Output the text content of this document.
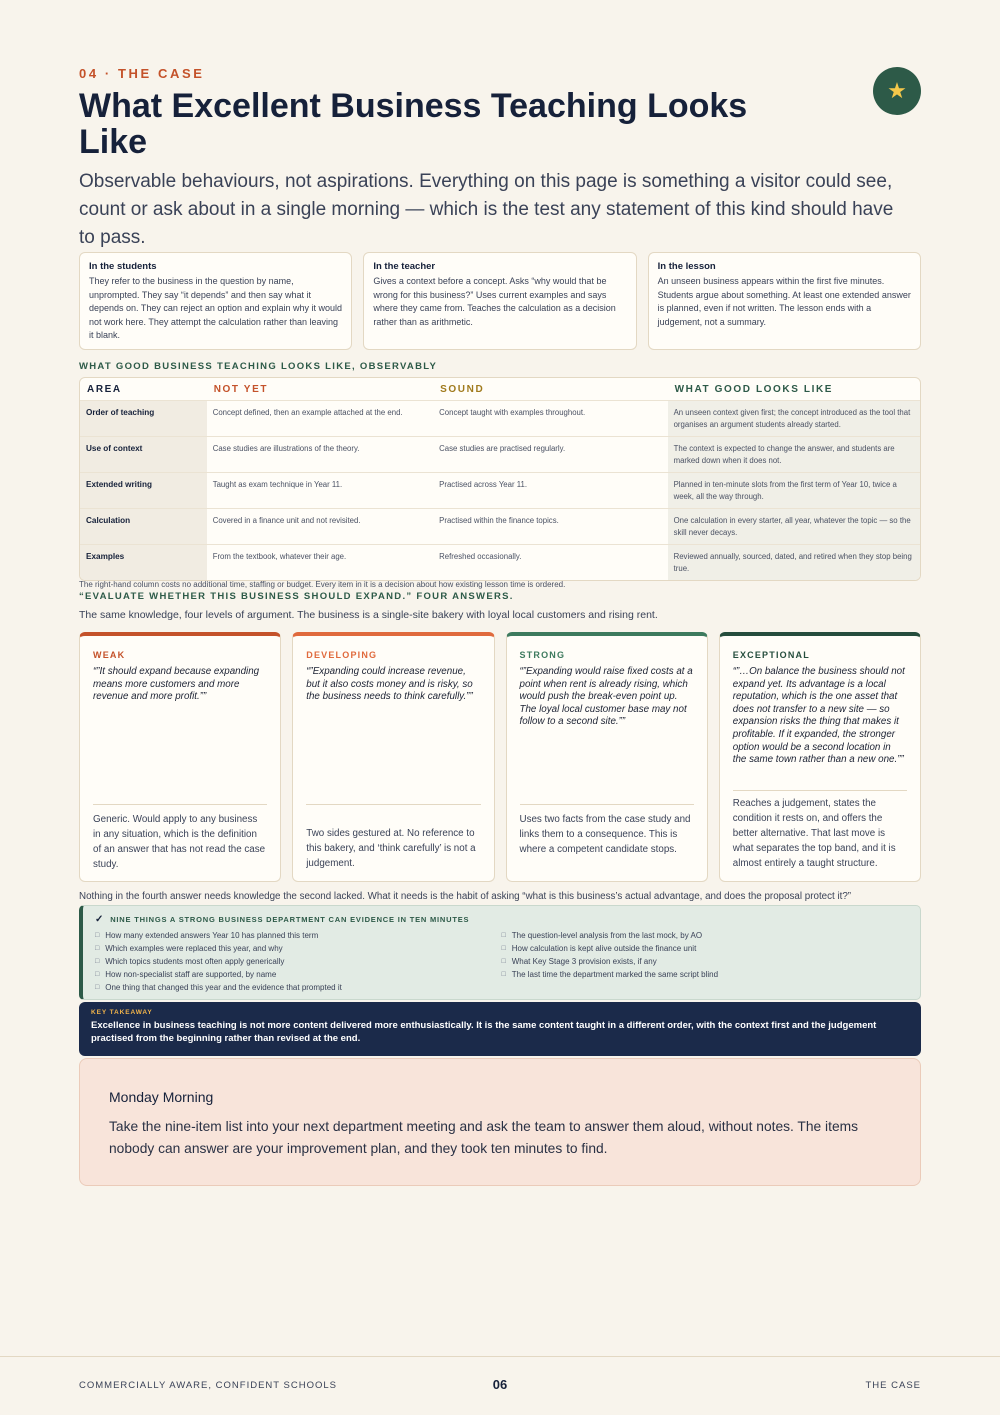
04 · THE CASE
What Excellent Business Teaching Looks Like
★
Observable behaviours, not aspirations. Everything on this page is something a visitor could see, count or ask about in a single morning — which is the test any statement of this kind should have to pass.
In the students

They refer to the business in the question by name, unprompted. They say “it depends” and then say what it depends on. They can reject an option and explain why it would not work here. They attempt the calculation rather than leaving it blank.

In the teacher

Gives a context before a concept. Asks “why would that be wrong for this business?” Uses current examples and says where they came from. Teaches the calculation as a decision rather than as arithmetic.

In the lesson

An unseen business appears within the first five minutes. Students argue about something. At least one extended answer is planned, even if not written. The lesson ends with a judgement, not a summary.

WHAT GOOD BUSINESS TEACHING LOOKS LIKE, OBSERVABLY
AREA	NOT YET	SOUND	WHAT GOOD LOOKS LIKE
Order of teaching	Concept defined, then an example attached at the end.	Concept taught with examples throughout.	An unseen context given first; the concept introduced as the tool that organises an argument students already started.
Use of context	Case studies are illustrations of the theory.	Case studies are practised regularly.	The context is expected to change the answer, and students are marked down when it does not.
Extended writing	Taught as exam technique in Year 11.	Practised across Year 11.	Planned in ten-minute slots from the first term of Year 10, twice a week, all the way through.
Calculation	Covered in a finance unit and not revisited.	Practised within the finance topics.	One calculation in every starter, all year, whatever the topic — so the skill never decays.
Examples	From the textbook, whatever their age.	Refreshed occasionally.	Reviewed annually, sourced, dated, and retired when they stop being true.
The right-hand column costs no additional time, staffing or budget. Every item in it is a decision about how existing lesson time is ordered.
“EVALUATE WHETHER THIS BUSINESS SHOULD EXPAND.” FOUR ANSWERS.
The same knowledge, four levels of argument. The business is a single-site bakery with loyal local customers and rising rent.
WEAK
“”It should expand because expanding means more customers and more revenue and more profit.””
Generic. Would apply to any business in any situation, which is the definition of an answer that has not read the case study.
DEVELOPING
“”Expanding could increase revenue, but it also costs money and is risky, so the business needs to think carefully.””
Two sides gestured at. No reference to this bakery, and ‘think carefully’ is not a judgement.
STRONG
“”Expanding would raise fixed costs at a point when rent is already rising, which would push the break-even point up. The loyal local customer base may not follow to a second site.””
Uses two facts from the case study and links them to a consequence. This is where a competent candidate stops.
EXCEPTIONAL
“”…On balance the business should not expand yet. Its advantage is a local reputation, which is the one asset that does not transfer to a new site — so expansion risks the thing that makes it profitable. If it expanded, the stronger option would be a second location in the same town rather than a new one.””
Reaches a judgement, states the condition it rests on, and offers the better alternative. That last move is what separates the top band, and it is almost entirely a taught structure.
Nothing in the fourth answer needs knowledge the second lacked. What it needs is the habit of asking “what is this business’s actual advantage, and does the proposal protect it?”
✓ NINE THINGS A STRONG BUSINESS DEPARTMENT CAN EVIDENCE IN TEN MINUTES
□ How many extended answers Year 10 has planned this term
□ Which examples were replaced this year, and why
□ Which topics students most often apply generically
□ How non-specialist staff are supported, by name
□ One thing that changed this year and the evidence that prompted it
□ The question-level analysis from the last mock, by AO
□ How calculation is kept alive outside the finance unit
□ What Key Stage 3 provision exists, if any
□ The last time the department marked the same script blind
KEY TAKEAWAY
Excellence in business teaching is not more content delivered more enthusiastically. It is the same content taught in a different order, with the context first and the judgement practised from the beginning rather than revised at the end.
Monday Morning

Take the nine-item list into your next department meeting and ask the team to answer them aloud, without notes. The items nobody can answer are your improvement plan, and they took ten minutes to find.

COMMERCIALLY AWARE, CONFIDENT SCHOOLS	06	THE CASE
